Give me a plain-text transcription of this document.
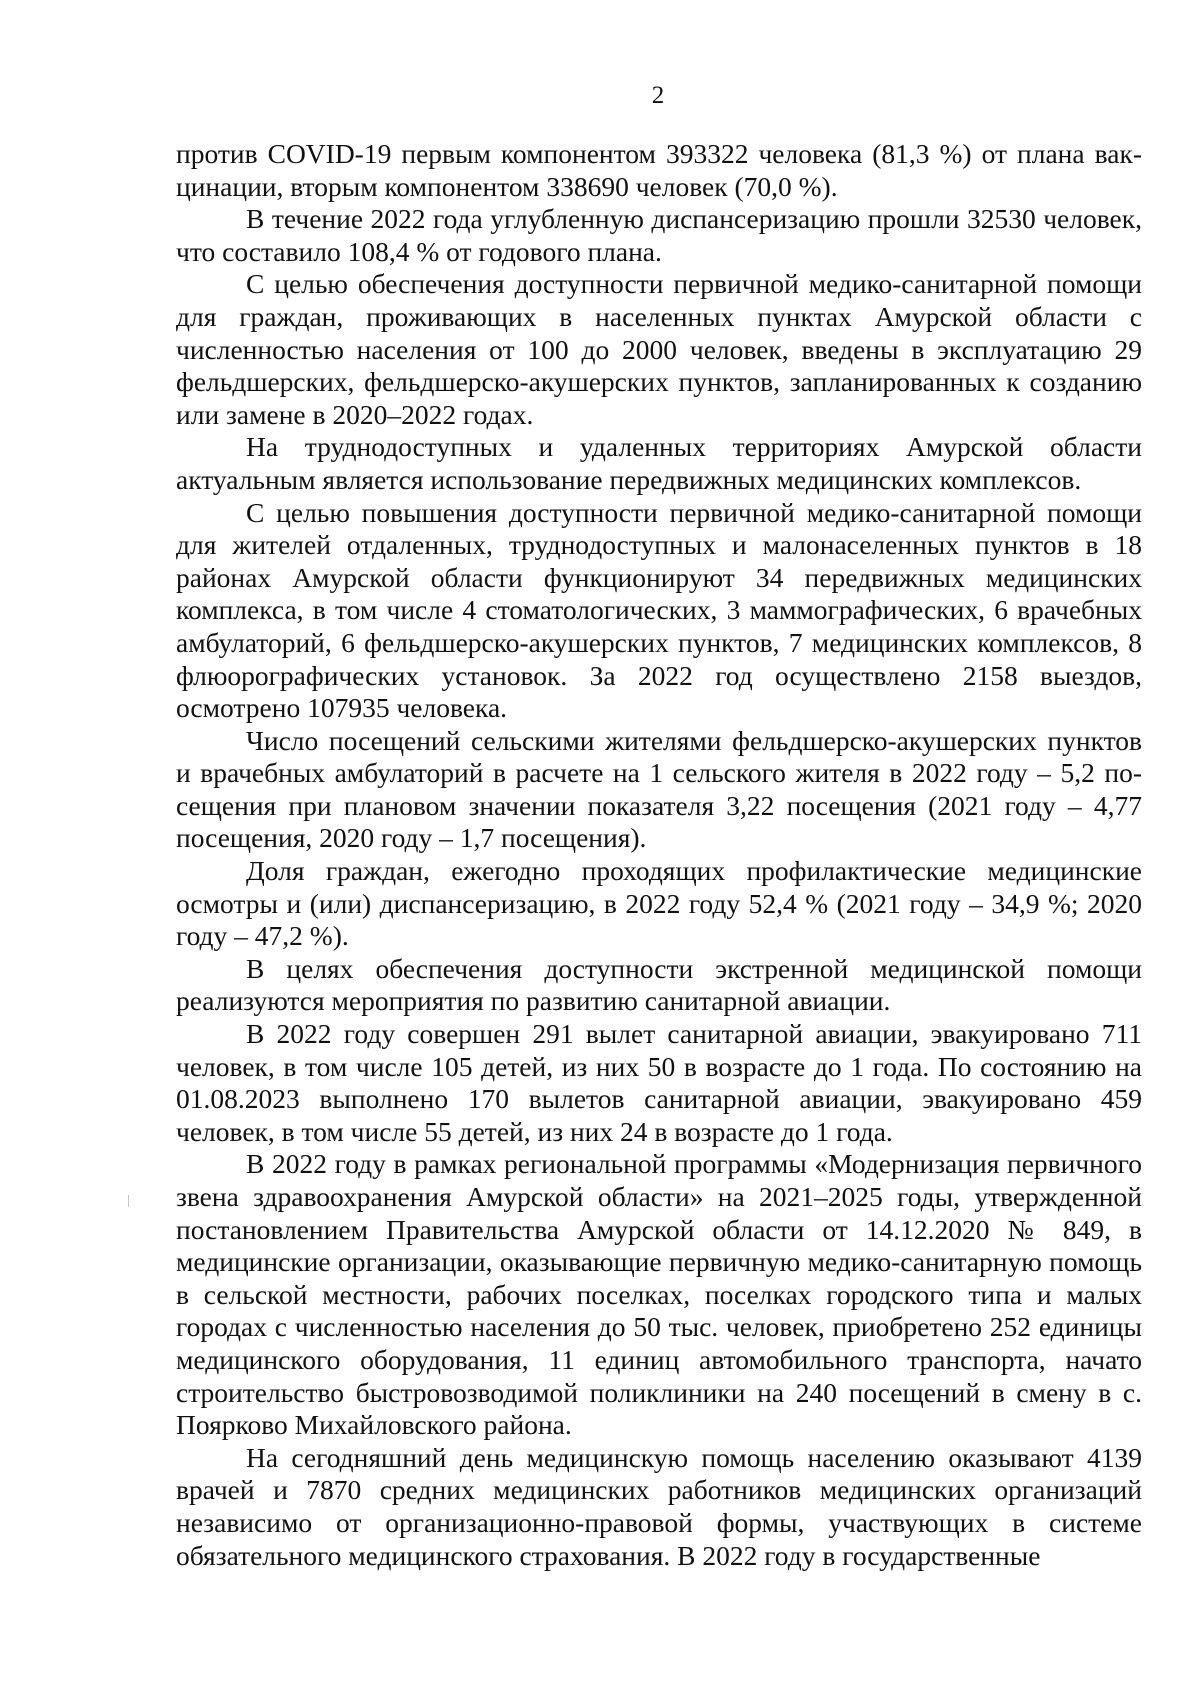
2

против COVID-19 первым компонентом 393322 человека (81,3 %) от плана вакцинации, вторым компонентом 338690 человек (70,0 %).

В течение 2022 года углубленную диспансеризацию прошли 32530 человек, что составило 108,4 % от годового плана.

С целью обеспечения доступности первичной медико-санитарной помощи для граждан, проживающих в населенных пунктах Амурской области с численностью населения от 100 до 2000 человек, введены в эксплуатацию 29 фельдшерских, фельдшерско-акушерских пунктов, запланированных к созданию или замене в 2020–2022 годах.

На труднодоступных и удаленных территориях Амурской области актуальным является использование передвижных медицинских комплексов.

С целью повышения доступности первичной медико-санитарной помощи для жителей отдаленных, труднодоступных и малонаселенных пунктов в 18 районах Амурской области функционируют 34 передвижных медицинских комплекса, в том числе 4 стоматологических, 3 маммографических, 6 врачебных амбулаторий, 6 фельдшерско-акушерских пунктов, 7 медицинских комплексов, 8 флюорографических установок. За 2022 год осуществлено 2158 выездов, осмотрено 107935 человека.

Число посещений сельскими жителями фельдшерско-акушерских пунктов и врачебных амбулаторий в расчете на 1 сельского жителя в 2022 году – 5,2 посещения при плановом значении показателя 3,22 посещения (2021 году – 4,77 посещения, 2020 году – 1,7 посещения).

Доля граждан, ежегодно проходящих профилактические медицинские осмотры и (или) диспансеризацию, в 2022 году 52,4 % (2021 году – 34,9 %; 2020 году – 47,2 %).

В целях обеспечения доступности экстренной медицинской помощи реализуются мероприятия по развитию санитарной авиации.

В 2022 году совершен 291 вылет санитарной авиации, эвакуировано 711 человек, в том числе 105 детей, из них 50 в возрасте до 1 года. По состоянию на 01.08.2023 выполнено 170 вылетов санитарной авиации, эвакуировано 459 человек, в том числе 55 детей, из них 24 в возрасте до 1 года.

В 2022 году в рамках региональной программы «Модернизация первичного звена здравоохранения Амурской области» на 2021–2025 годы, утвержденной постановлением Правительства Амурской области от 14.12.2020 № 849, в медицинские организации, оказывающие первичную медико-санитарную помощь в сельской местности, рабочих поселках, поселках городского типа и малых городах с численностью населения до 50 тыс. человек, приобретено 252 единицы медицинского оборудования, 11 единиц автомобильного транспорта, начато строительство быстровозводимой поликлиники на 240 посещений в смену в с. Поярково Михайловского района.

На сегодняшний день медицинскую помощь населению оказывают 4139 врачей и 7870 средних медицинских работников медицинских организаций независимо от организационно-правовой формы, участвующих в системе обязательного медицинского страхования. В 2022 году в государственные
